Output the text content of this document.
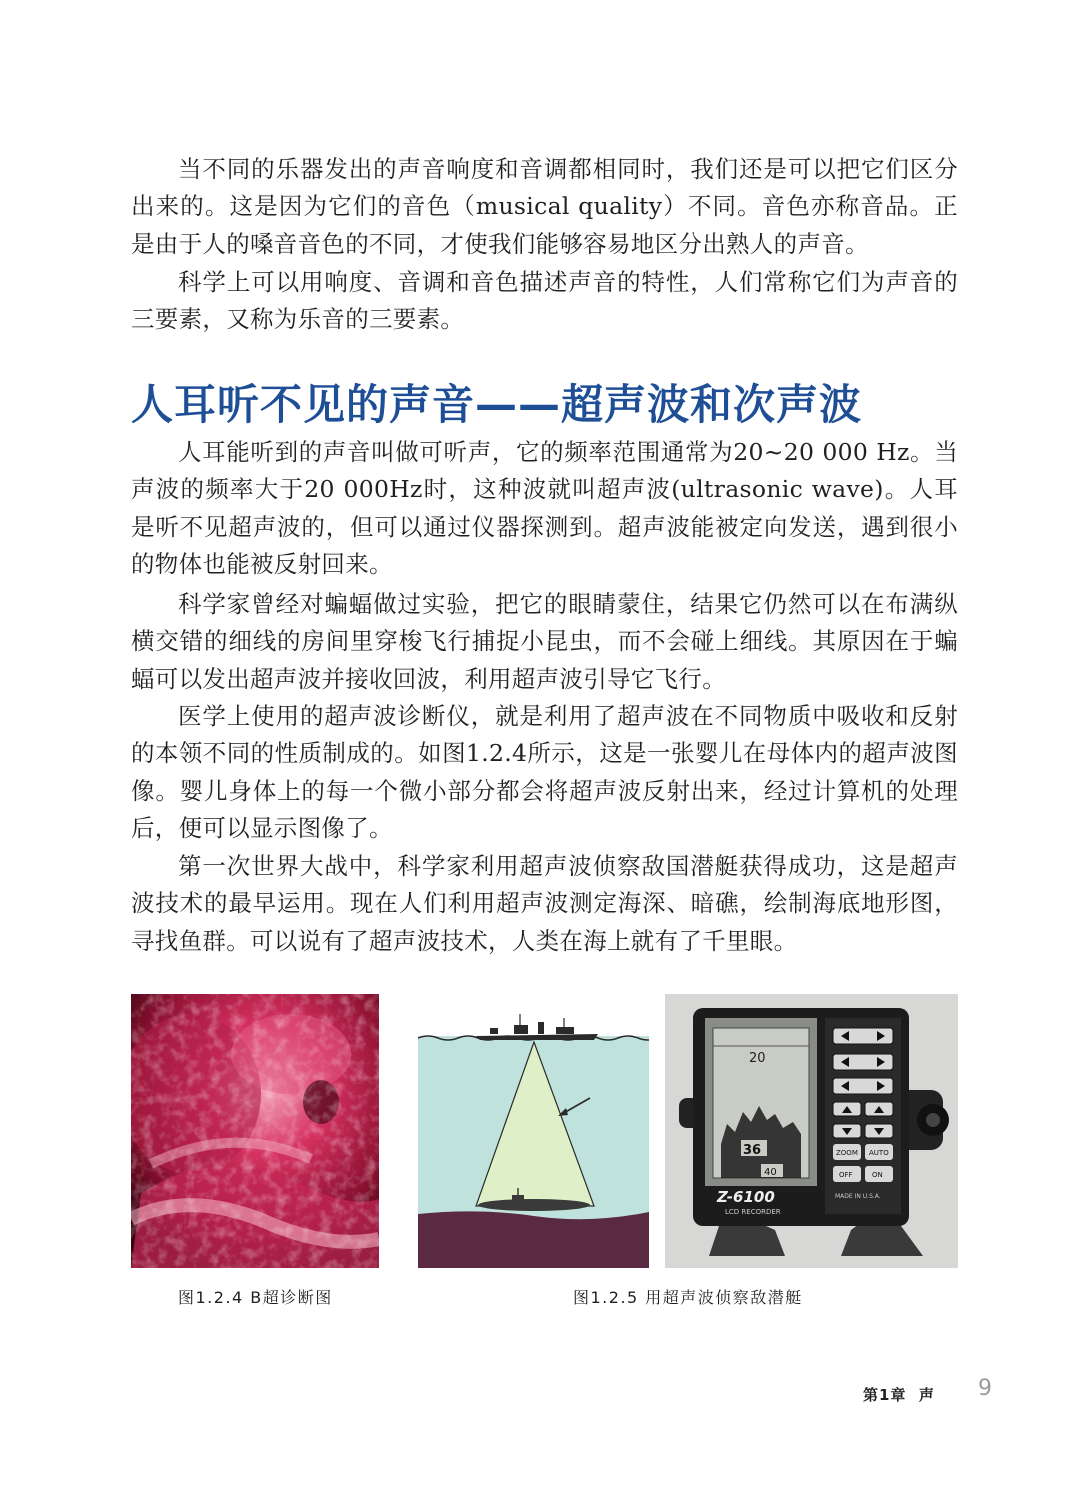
当不同的乐器发出的声音响度和音调都相同时，我们还是可以把它们区分出来的。这是因为它们的音色（musical quality）不同。音色亦称音品。正是由于人的嗓音音色的不同，才使我们能够容易地区分出熟人的声音。

科学上可以用响度、音调和音色描述声音的特性，人们常称它们为声音的三要素，又称为乐音的三要素。

人耳听不见的声音——超声波和次声波

人耳能听到的声音叫做可听声，它的频率范围通常为20~20 000 Hz。当声波的频率大于20 000Hz时，这种波就叫超声波(ultrasonic wave)。人耳是听不见超声波的，但可以通过仪器探测到。超声波能被定向发送，遇到很小的物体也能被反射回来。

科学家曾经对蝙蝠做过实验，把它的眼睛蒙住，结果它仍然可以在布满纵横交错的细线的房间里穿梭飞行捕捉小昆虫，而不会碰上细线。其原因在于蝙蝠可以发出超声波并接收回波，利用超声波引导它飞行。

医学上使用的超声波诊断仪，就是利用了超声波在不同物质中吸收和反射的本领不同的性质制成的。如图1.2.4所示，这是一张婴儿在母体内的超声波图像。婴儿身体上的每一个微小部分都会将超声波反射出来，经过计算机的处理后，便可以显示图像了。

第一次世界大战中，科学家利用超声波侦察敌国潜艇获得成功，这是超声波技术的最早运用。现在人们利用超声波测定海深、暗礁，绘制海底地形图，寻找鱼群。可以说有了超声波技术，人类在海上就有了千里眼。

20
36
40
Z-6100
LCD RECORDER
ZOOM AUTO
OFF	ON
MADE IN U.S.A.

图1.2.4 B超诊断图	图1.2.5 用超声波侦察敌潜艇

第1章  声 9
